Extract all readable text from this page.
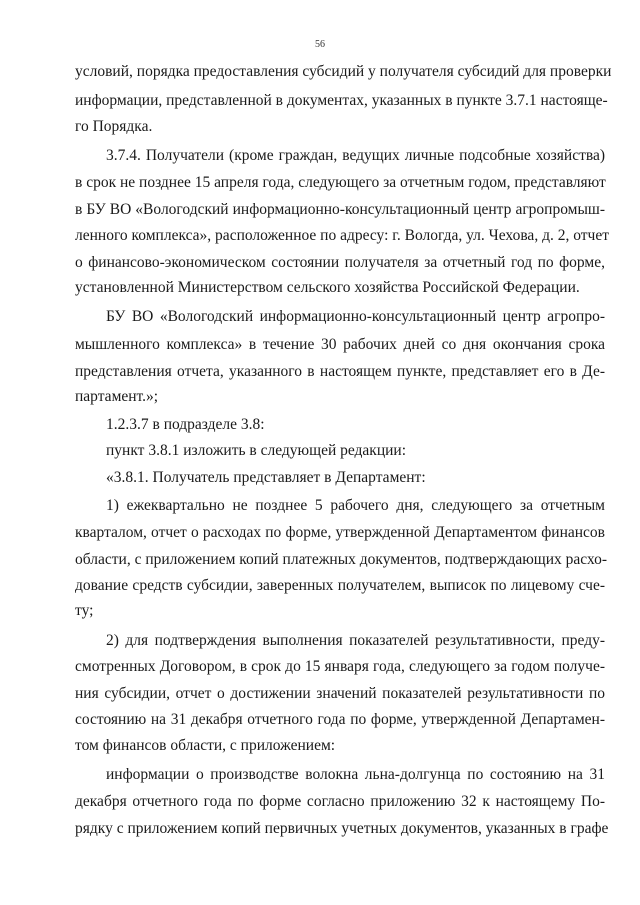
56
условий, порядка предоставления субсидий у получателя субсидий для проверки
информации, представленной в документах, указанных в пункте 3.7.1 настояще-
го Порядка.
3.7.4. Получатели (кроме граждан, ведущих личные подсобные хозяйства)
в срок не позднее 15 апреля года, следующего за отчетным годом, представляют
в БУ ВО «Вологодский информационно-консультационный центр агропромыш-
ленного комплекса», расположенное по адресу: г. Вологда, ул. Чехова, д. 2, отчет
о финансово-экономическом состоянии получателя за отчетный год по форме,
установленной Министерством сельского хозяйства Российской Федерации.
БУ ВО «Вологодский информационно-консультационный центр агропро-
мышленного комплекса» в течение 30 рабочих дней со дня окончания срока
представления отчета, указанного в настоящем пункте, представляет его в Де-
партамент.»;
1.2.3.7 в подразделе 3.8:
пункт 3.8.1 изложить в следующей редакции:
«3.8.1. Получатель представляет в Департамент:
1) ежеквартально не позднее 5 рабочего дня, следующего за отчетным
кварталом, отчет о расходах по форме, утвержденной Департаментом финансов
области, с приложением копий платежных документов, подтверждающих расхо-
дование средств субсидии, заверенных получателем, выписок по лицевому сче-
ту;
2) для подтверждения выполнения показателей результативности, преду-
смотренных Договором, в срок до 15 января года, следующего за годом получе-
ния субсидии, отчет о достижении значений показателей результативности по
состоянию на 31 декабря отчетного года по форме, утвержденной Департамен-
том финансов области, с приложением:
информации о производстве волокна льна-долгунца по состоянию на 31
декабря отчетного года по форме согласно приложению 32 к настоящему По-
рядку с приложением копий первичных учетных документов, указанных в графе
